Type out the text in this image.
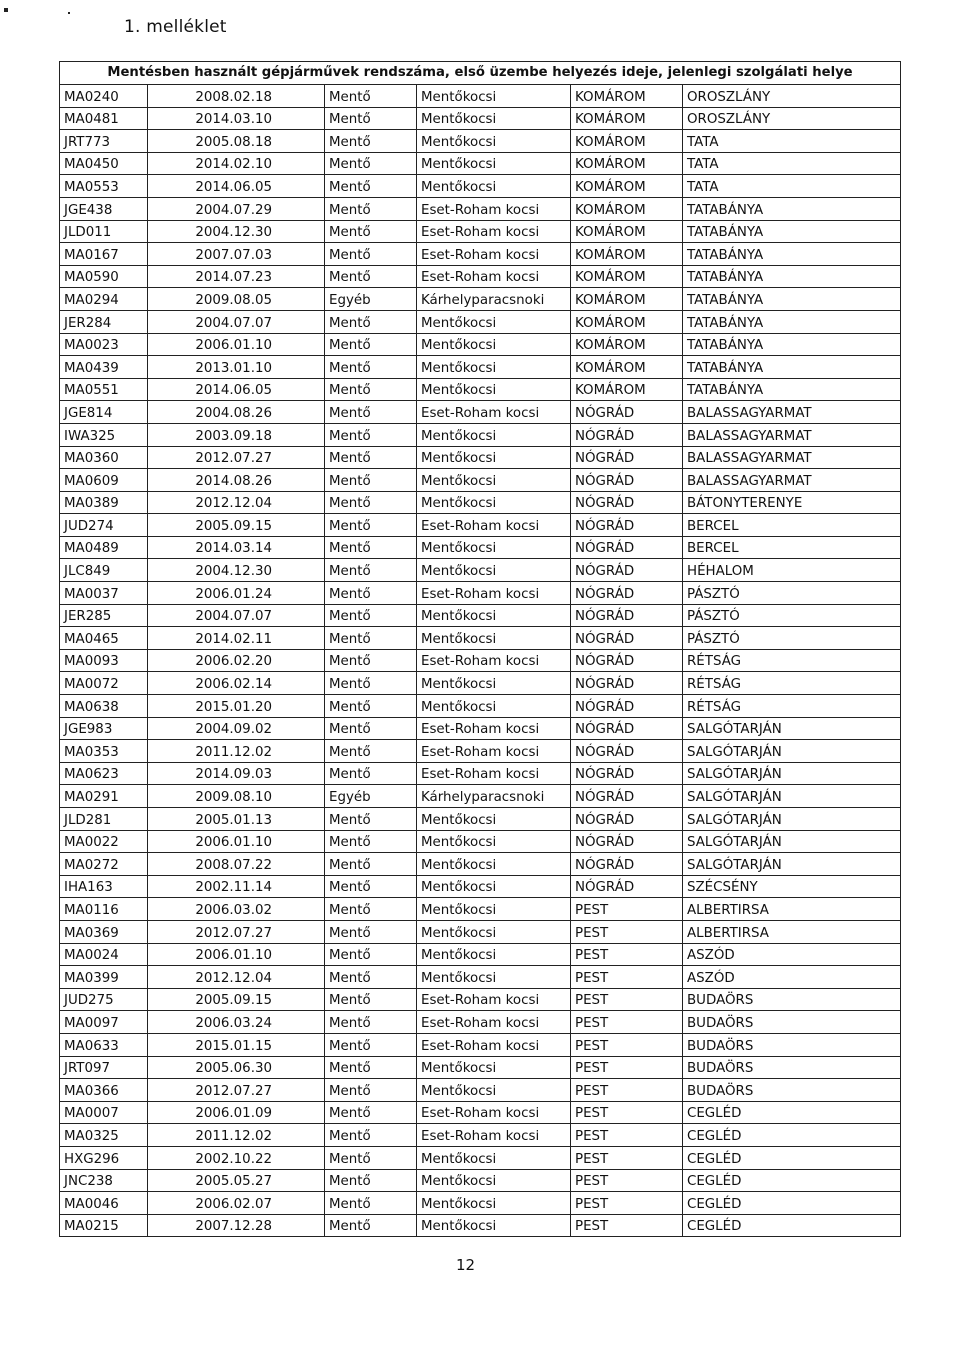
1. melléklet
Mentésben használt gépjárművek rendszáma, első üzembe helyezés ideje, jelenlegi szolgálati helye					
MA0240	2008.02.18	Mentő	Mentőkocsi	KOMÁROM	OROSZLÁNY
MA0481	2014.03.10	Mentő	Mentőkocsi	KOMÁROM	OROSZLÁNY
JRT773	2005.08.18	Mentő	Mentőkocsi	KOMÁROM	TATA
MA0450	2014.02.10	Mentő	Mentőkocsi	KOMÁROM	TATA
MA0553	2014.06.05	Mentő	Mentőkocsi	KOMÁROM	TATA
JGE438	2004.07.29	Mentő	Eset-Roham kocsi	KOMÁROM	TATABÁNYA
JLD011	2004.12.30	Mentő	Eset-Roham kocsi	KOMÁROM	TATABÁNYA
MA0167	2007.07.03	Mentő	Eset-Roham kocsi	KOMÁROM	TATABÁNYA
MA0590	2014.07.23	Mentő	Eset-Roham kocsi	KOMÁROM	TATABÁNYA
MA0294	2009.08.05	Egyéb	Kárhelyparacsnoki	KOMÁROM	TATABÁNYA
JER284	2004.07.07	Mentő	Mentőkocsi	KOMÁROM	TATABÁNYA
MA0023	2006.01.10	Mentő	Mentőkocsi	KOMÁROM	TATABÁNYA
MA0439	2013.01.10	Mentő	Mentőkocsi	KOMÁROM	TATABÁNYA
MA0551	2014.06.05	Mentő	Mentőkocsi	KOMÁROM	TATABÁNYA
JGE814	2004.08.26	Mentő	Eset-Roham kocsi	NÓGRÁD	BALASSAGYARMAT
IWA325	2003.09.18	Mentő	Mentőkocsi	NÓGRÁD	BALASSAGYARMAT
MA0360	2012.07.27	Mentő	Mentőkocsi	NÓGRÁD	BALASSAGYARMAT
MA0609	2014.08.26	Mentő	Mentőkocsi	NÓGRÁD	BALASSAGYARMAT
MA0389	2012.12.04	Mentő	Mentőkocsi	NÓGRÁD	BÁTONYTERENYE
JUD274	2005.09.15	Mentő	Eset-Roham kocsi	NÓGRÁD	BERCEL
MA0489	2014.03.14	Mentő	Mentőkocsi	NÓGRÁD	BERCEL
JLC849	2004.12.30	Mentő	Mentőkocsi	NÓGRÁD	HÉHALOM
MA0037	2006.01.24	Mentő	Eset-Roham kocsi	NÓGRÁD	PÁSZTÓ
JER285	2004.07.07	Mentő	Mentőkocsi	NÓGRÁD	PÁSZTÓ
MA0465	2014.02.11	Mentő	Mentőkocsi	NÓGRÁD	PÁSZTÓ
MA0093	2006.02.20	Mentő	Eset-Roham kocsi	NÓGRÁD	RÉTSÁG
MA0072	2006.02.14	Mentő	Mentőkocsi	NÓGRÁD	RÉTSÁG
MA0638	2015.01.20	Mentő	Mentőkocsi	NÓGRÁD	RÉTSÁG
JGE983	2004.09.02	Mentő	Eset-Roham kocsi	NÓGRÁD	SALGÓTARJÁN
MA0353	2011.12.02	Mentő	Eset-Roham kocsi	NÓGRÁD	SALGÓTARJÁN
MA0623	2014.09.03	Mentő	Eset-Roham kocsi	NÓGRÁD	SALGÓTARJÁN
MA0291	2009.08.10	Egyéb	Kárhelyparacsnoki	NÓGRÁD	SALGÓTARJÁN
JLD281	2005.01.13	Mentő	Mentőkocsi	NÓGRÁD	SALGÓTARJÁN
MA0022	2006.01.10	Mentő	Mentőkocsi	NÓGRÁD	SALGÓTARJÁN
MA0272	2008.07.22	Mentő	Mentőkocsi	NÓGRÁD	SALGÓTARJÁN
IHA163	2002.11.14	Mentő	Mentőkocsi	NÓGRÁD	SZÉCSÉNY
MA0116	2006.03.02	Mentő	Mentőkocsi	PEST	ALBERTIRSA
MA0369	2012.07.27	Mentő	Mentőkocsi	PEST	ALBERTIRSA
MA0024	2006.01.10	Mentő	Mentőkocsi	PEST	ASZÓD
MA0399	2012.12.04	Mentő	Mentőkocsi	PEST	ASZÓD
JUD275	2005.09.15	Mentő	Eset-Roham kocsi	PEST	BUDAÖRS
MA0097	2006.03.24	Mentő	Eset-Roham kocsi	PEST	BUDAÖRS
MA0633	2015.01.15	Mentő	Eset-Roham kocsi	PEST	BUDAÖRS
JRT097	2005.06.30	Mentő	Mentőkocsi	PEST	BUDAÖRS
MA0366	2012.07.27	Mentő	Mentőkocsi	PEST	BUDAÖRS
MA0007	2006.01.09	Mentő	Eset-Roham kocsi	PEST	CEGLÉD
MA0325	2011.12.02	Mentő	Eset-Roham kocsi	PEST	CEGLÉD
HXG296	2002.10.22	Mentő	Mentőkocsi	PEST	CEGLÉD
JNC238	2005.05.27	Mentő	Mentőkocsi	PEST	CEGLÉD
MA0046	2006.02.07	Mentő	Mentőkocsi	PEST	CEGLÉD
MA0215	2007.12.28	Mentő	Mentőkocsi	PEST	CEGLÉD
12
